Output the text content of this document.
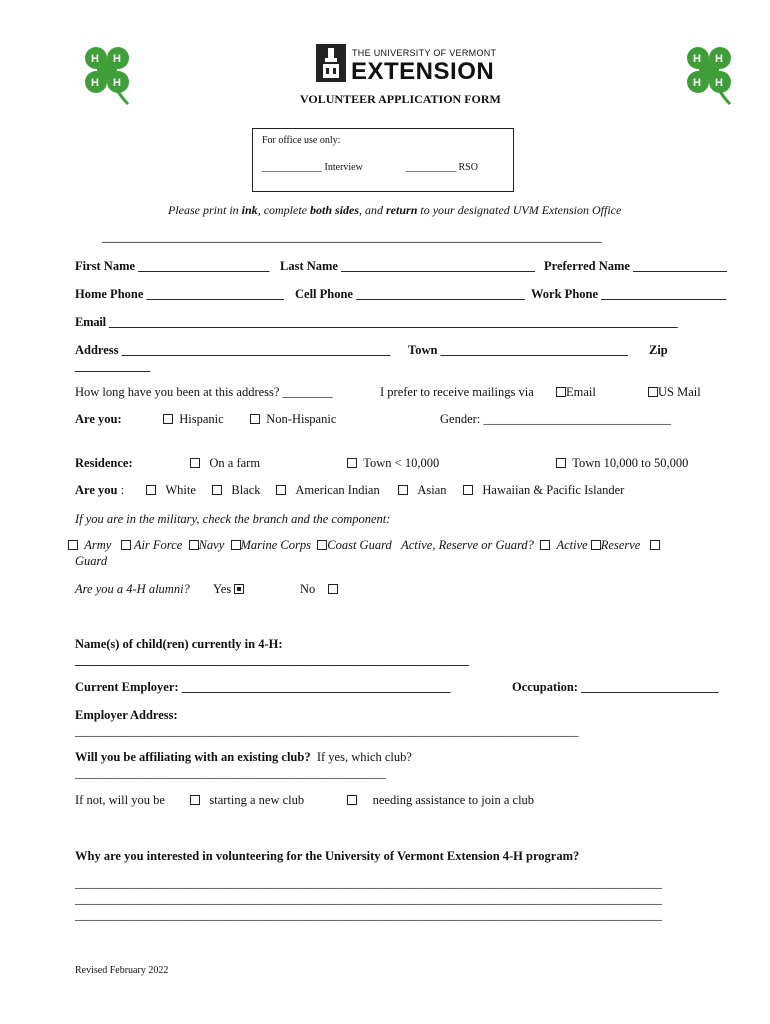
H H
H H
THE UNIVERSITY OF VERMONT
EXTENSION	H H
H H
VOLUNTEER APPLICATION FORM
For office use only:
____________ Interview	__________ RSO
Please print in ink, complete both sides, and return to your designated UVM Extension Office
________________________________________________________________________________________________
First Name _____________________ Last Name _______________________________ Preferred Name _______________
Home Phone ______________________ Cell Phone ___________________________ Work Phone ____________________
Email ______________________________________________________________________________________________
Address ___________________________________________ Town ______________________________ Zip
____________
How long have you been at this address? ________	I prefer to receive mailings via	Email	US Mail
Are you:	Hispanic	Non-Hispanic	Gender: ______________________________
Residence:	On a farm	Town < 10,000	Town 10,000 to 50,000
Are you :	White	Black	American Indian	Asian	Hawaiian & Pacific Islander
If you are in the military, check the branch and the component:
Army Air Force Navy Marine Corps Coast Guard Active, Reserve or Guard? Active Reserve
Guard
Are you a 4-H alumni? Yes	No
Name(s) of child(ren) currently in 4-H:
_______________________________________________________________
Current Employer: ___________________________________________	Occupation: ______________________
Employer Address:
______________________________________________________________________________________
Will you be affiliating with an existing club? If yes, which club?
_____________________________________________________
If not, will you be	starting a new club	needing assistance to join a club
Why are you interested in volunteering for the University of Vermont Extension 4-H program?
______________________________________________________________________________________________________
______________________________________________________________________________________________________
______________________________________________________________________________________________________
Revised February 2022
